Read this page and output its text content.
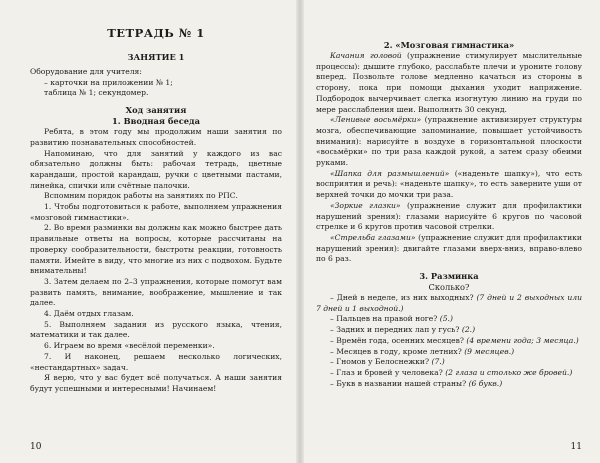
ТЕТРАДЬ № 1
ЗАНЯТИЕ 1
Оборудование для учителя:
– карточки на приложении № 1;
таблица № 1; секундомер.
Ход занятия
1. Вводная беседа

Ребята, в этом году мы продолжим наши занятия по развитию познавательных способностей.

Напоминаю, что для занятий у каждого из вас обязательно должны быть: рабочая тетрадь, цветные карандаши, простой карандаш, ручки с цветными пастами, линейка, спички или счётные палочки.

Вспомним порядок работы на занятиях по РПС.

1. Чтобы подготовиться к работе, выполняем упражнения «мозговой гимнастики».

2. Во время разминки вы должны как можно быстрее дать правильные ответы на вопросы, которые рассчитаны на проверку сообразительности, быстроты реакции, готовность памяти. Имейте в виду, что многие из них с подвохом. Будьте внимательны!

3. Затем делаем по 2–3 упражнения, которые помогут вам развить память, внимание, воображение, мышление и так далее.

4. Даём отдых глазам.

5. Выполняем задания из русского языка, чтения, математики и так далее.

6. Играем во время «весёлой переменки».

7. И наконец, решаем несколько логических, «нестандартных» задач.

Я верю, что у вас будет всё получаться. А наши занятия будут успешными и интересными! Начинаем!

10
2. «Мозговая гимнастика»

Качания головой (упражнение стимулирует мыслительные процессы): дышите глубоко, расслабьте плечи и уроните голову вперед. Позвольте голове медленно качаться из стороны в сторону, пока при помощи дыхания уходит напряжение. Подбородок вычерчивает слегка изогнутую линию на груди по мере расслабления шеи. Выполнять 30 секунд.

«Ленивые восьмёрки» (упражнение активизирует структуры мозга, обеспечивающие запоминание, повышает устойчивость внимания): нарисуйте в воздухе в горизонтальной плоскости «восьмёрки» по три раза каждой рукой, а затем сразу обеими руками.

«Шапка для размышлений» («наденьте шапку»), что есть восприятия и речь): «наденьте шапку», то есть заверните уши от верхней точки до мочки три раза.

«Зоркие глазки» (упражнение служит для профилактики нарушений зрения): глазами нарисуйте 6 кругов по часовой стрелке и 6 кругов против часовой стрелки.

«Стрельба глазами» (упражнение служит для профилактики нарушений зрения): двигайте глазами вверх-вниз, вправо-влево по 6 раз.

3. Разминка
Сколько?

– Дней в неделе, из них выходных? (7 дней и 2 выходных или 7 дней и 1 выходной.)

– Пальцев на правой ноге? (5.)

– Задних и передних лап у гусь? (2.)

– Времён года, осенних месяцев? (4 времени года; 3 месяца.)

– Месяцев в году, кроме летних? (9 месяцев.)

– Гномов у Белоснежки? (7.)

– Глаз и бровей у человека? (2 глаза и столько же бровей.)

– Букв в названии нашей страны? (6 букв.)

11
